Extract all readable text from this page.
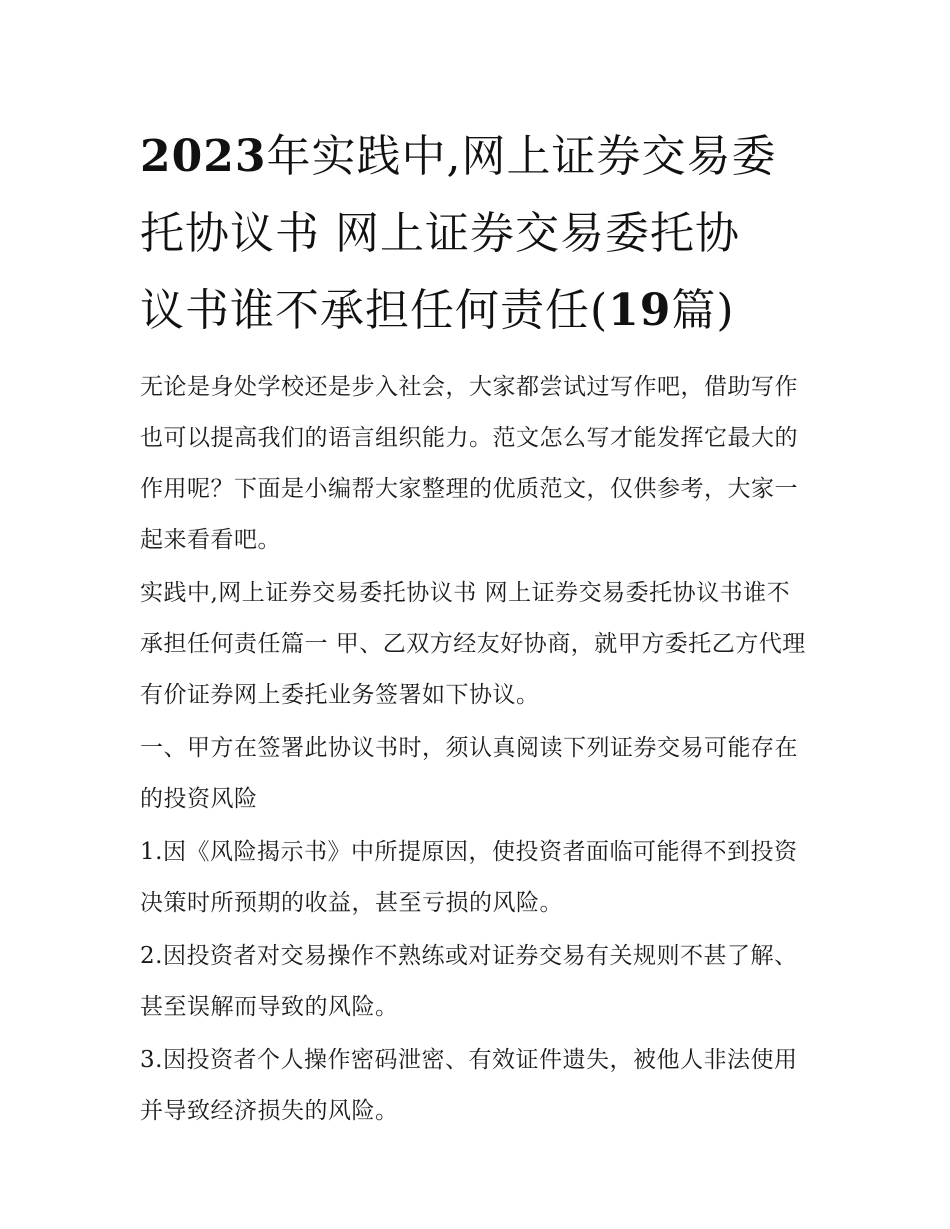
2023年实践中,网上证券交易委
托协议书 网上证券交易委托协
议书谁不承担任何责任(19篇)

无论是身处学校还是步入社会，大家都尝试过写作吧，借助写作也可以提高我们的语言组织能力。范文怎么写才能发挥它最大的作用呢？下面是小编帮大家整理的优质范文，仅供参考，大家一起来看看吧。

实践中,网上证券交易委托协议书 网上证券交易委托协议书谁不承担任何责任篇一 甲、乙双方经友好协商，就甲方委托乙方代理有价证券网上委托业务签署如下协议。

一、甲方在签署此协议书时，须认真阅读下列证券交易可能存在的投资风险

1.因《风险揭示书》中所提原因，使投资者面临可能得不到投资决策时所预期的收益，甚至亏损的风险。

2.因投资者对交易操作不熟练或对证券交易有关规则不甚了解、甚至误解而导致的风险。

3.因投资者个人操作密码泄密、有效证件遗失，被他人非法使用并导致经济损失的风险。
